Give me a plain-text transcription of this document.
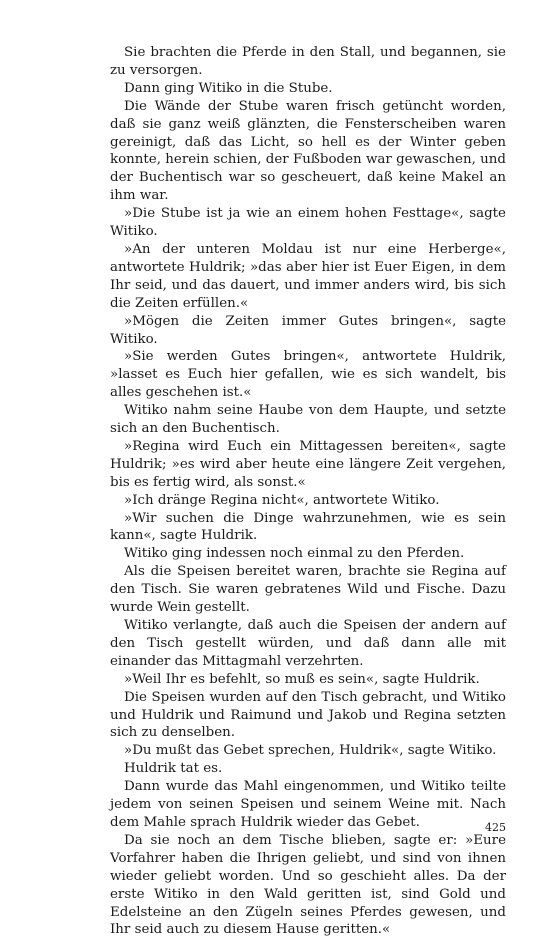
Sie brachten die Pferde in den Stall, und begannen, sie zu versorgen.

Dann ging Witiko in die Stube.

Die Wände der Stube waren frisch getüncht worden, daß sie ganz weiß glänzten, die Fensterscheiben waren gereinigt, daß das Licht, so hell es der Winter geben konnte, herein schien, der Fußboden war gewaschen, und der Buchentisch war so gescheuert, daß keine Makel an ihm war.

»Die Stube ist ja wie an einem hohen Festtage«, sagte Witiko.

»An der unteren Moldau ist nur eine Herberge«, antwortete Huldrik; »das aber hier ist Euer Eigen, in dem Ihr seid, und das dauert, und immer anders wird, bis sich die Zeiten erfüllen.«

»Mögen die Zeiten immer Gutes bringen«, sagte Witiko.

»Sie werden Gutes bringen«, antwortete Huldrik, »lasset es Euch hier gefallen, wie es sich wandelt, bis alles geschehen ist.«

Witiko nahm seine Haube von dem Haupte, und setzte sich an den Buchentisch.

»Regina wird Euch ein Mittagessen bereiten«, sagte Huldrik; »es wird aber heute eine längere Zeit vergehen, bis es fertig wird, als sonst.«

»Ich dränge Regina nicht«, antwortete Witiko.

»Wir suchen die Dinge wahrzunehmen, wie es sein kann«, sagte Huldrik.

Witiko ging indessen noch einmal zu den Pferden.

Als die Speisen bereitet waren, brachte sie Regina auf den Tisch. Sie waren gebratenes Wild und Fische. Dazu wurde Wein gestellt.

Witiko verlangte, daß auch die Speisen der andern auf den Tisch gestellt würden, und daß dann alle mit einander das Mittagmahl verzehrten.

»Weil Ihr es befehlt, so muß es sein«, sagte Huldrik.

Die Speisen wurden auf den Tisch gebracht, und Witiko und Huldrik und Raimund und Jakob und Regina setzten sich zu denselben.

»Du mußt das Gebet sprechen, Huldrik«, sagte Witiko.

Huldrik tat es.

Dann wurde das Mahl eingenommen, und Witiko teilte jedem von seinen Speisen und seinem Weine mit. Nach dem Mahle sprach Huldrik wieder das Gebet.

Da sie noch an dem Tische blieben, sagte er: »Eure Vorfahrer haben die Ihrigen geliebt, und sind von ihnen wieder geliebt worden. Und so geschieht alles. Da der erste Witiko in den Wald geritten ist, sind Gold und Edelsteine an den Zügeln seines Pferdes gewesen, und Ihr seid auch zu diesem Hause geritten.«

425
